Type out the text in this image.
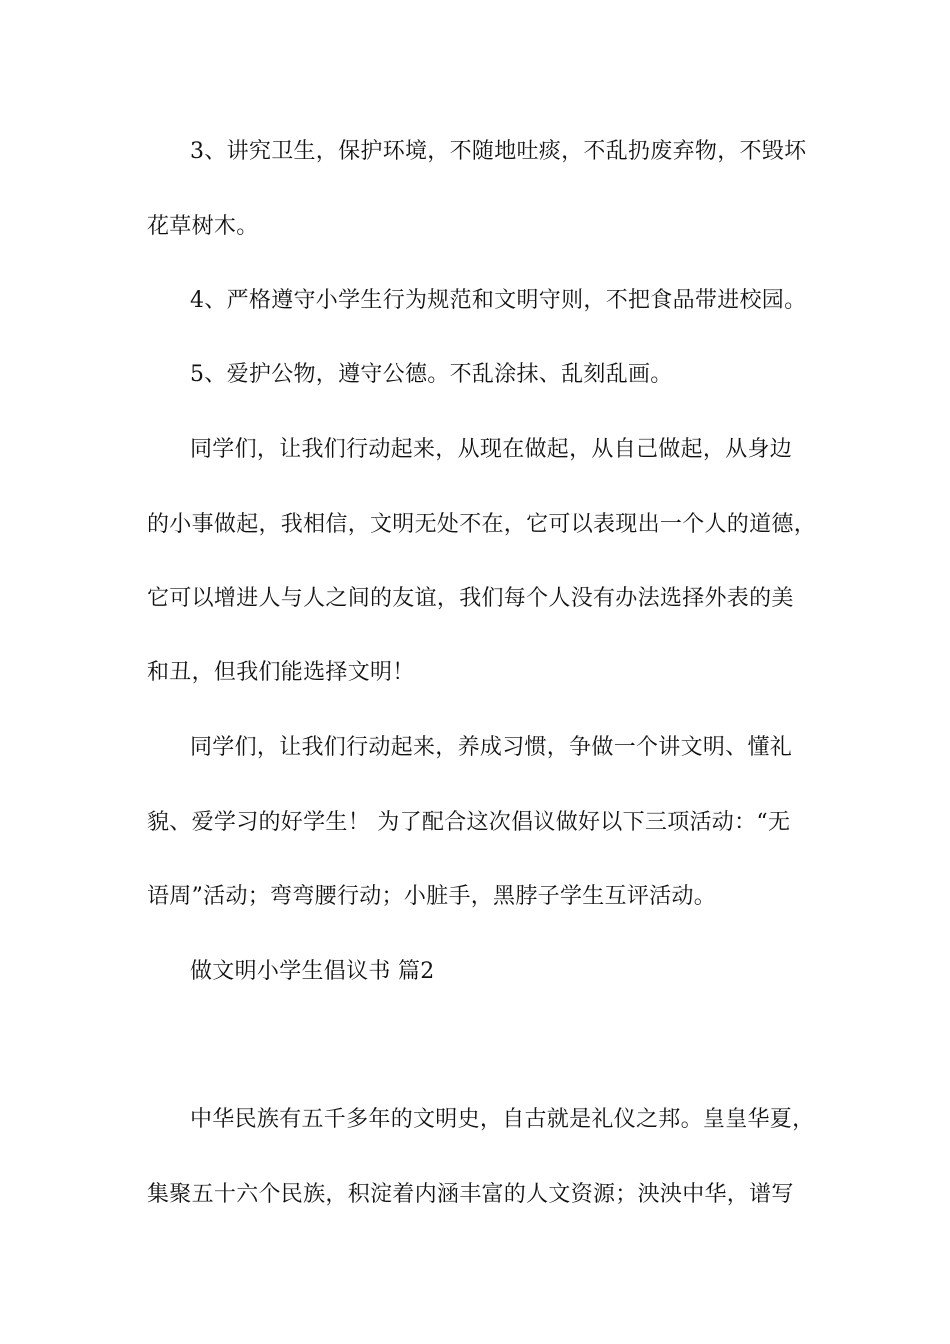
3、讲究卫生，保护环境，不随地吐痰，不乱扔废弃物，不毁坏
花草树木。
4、严格遵守小学生行为规范和文明守则，不把食品带进校园。
5、爱护公物，遵守公德。不乱涂抹、乱刻乱画。
同学们，让我们行动起来，从现在做起，从自己做起，从身边
的小事做起，我相信，文明无处不在，它可以表现出一个人的道德，
它可以增进人与人之间的友谊，我们每个人没有办法选择外表的美
和丑，但我们能选择文明！
同学们，让我们行动起来，养成习惯，争做一个讲文明、懂礼
貌、爱学习的好学生！ 为了配合这次倡议做好以下三项活动：“无
语周”活动；弯弯腰行动；小脏手，黑脖子学生互评活动。
做文明小学生倡议书 篇2
中华民族有五千多年的文明史，自古就是礼仪之邦。皇皇华夏，
集聚五十六个民族，积淀着内涵丰富的人文资源；泱泱中华，谱写
